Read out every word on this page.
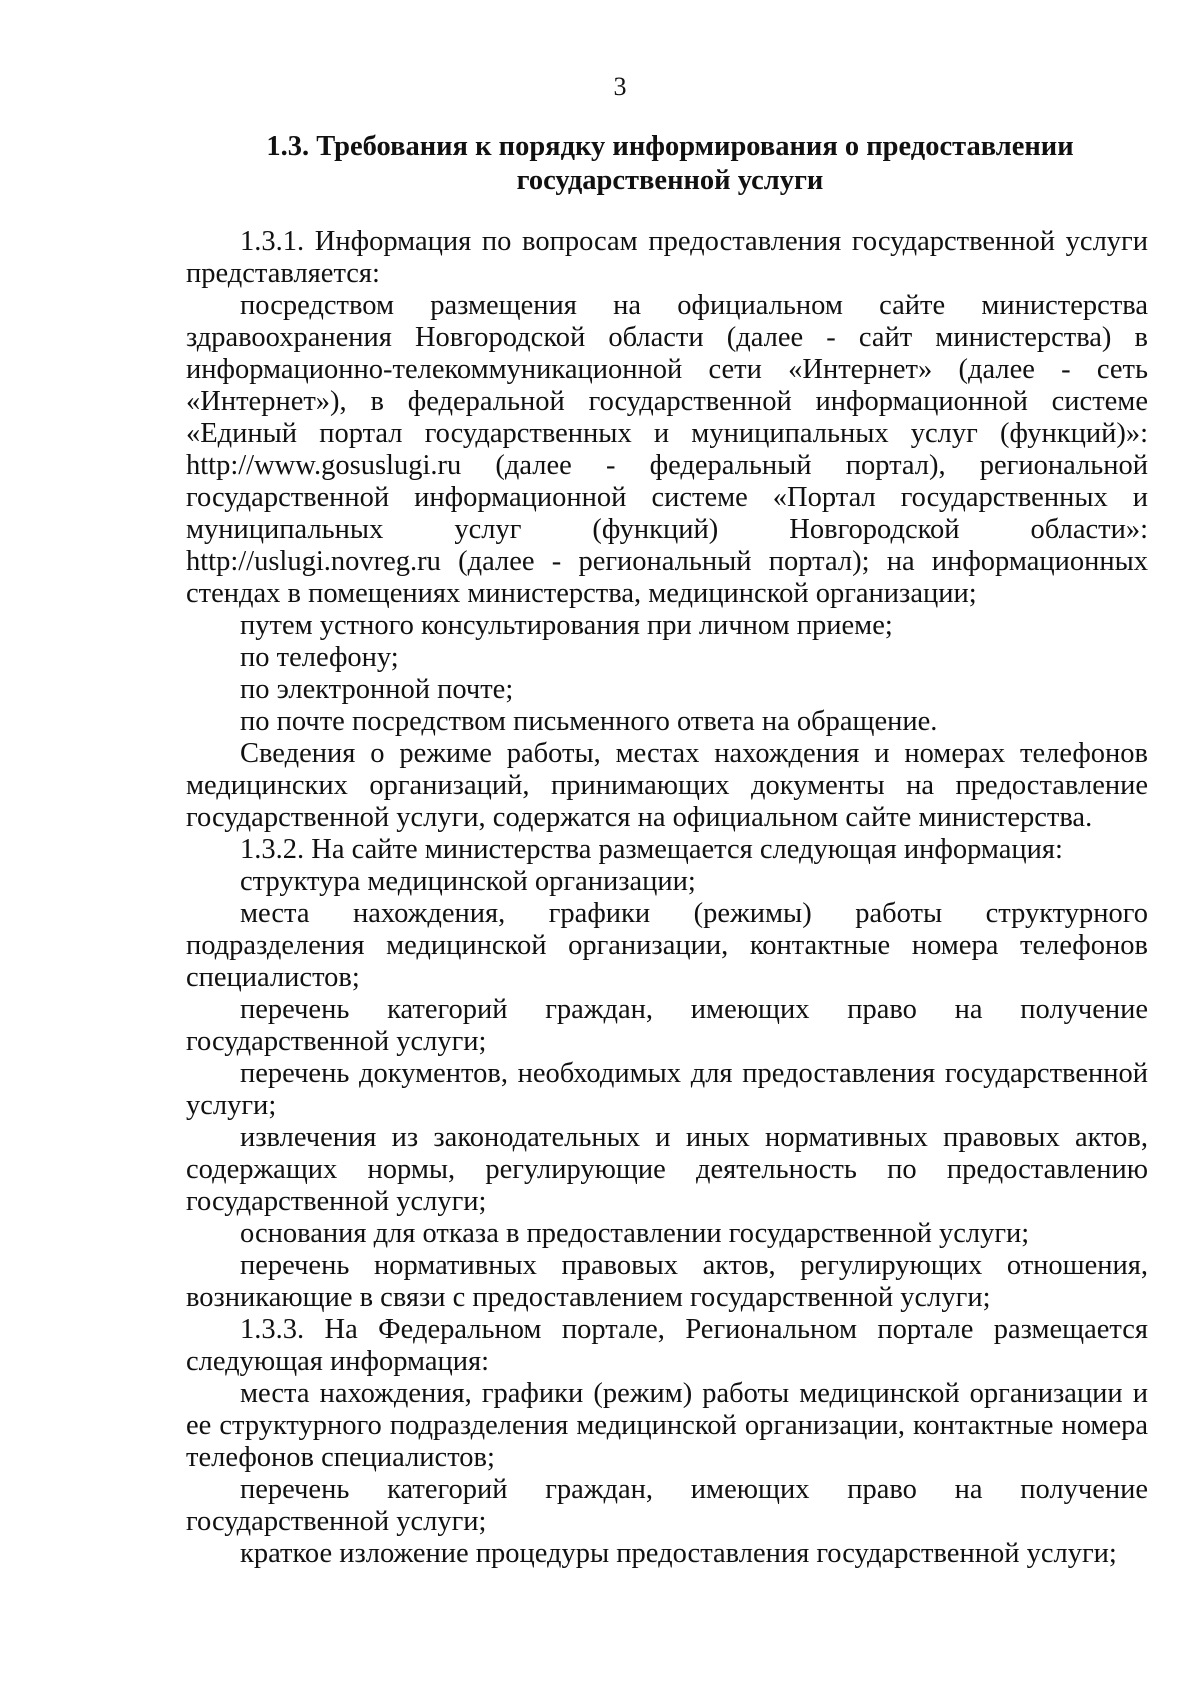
3
1.3. Требования к порядку информирования о предоставлении
государственной услуги

1.3.1. Информация по вопросам предоставления государственной услуги представляется:

посредством размещения на официальном сайте министерства здравоохранения Новгородской области (далее - сайт министерства) в информационно-телекоммуникационной сети «Интернет» (далее - сеть «Интернет»), в федеральной государственной информационной системе «Единый портал государственных и муниципальных услуг (функций)»: http://www.gosuslugi.ru (далее - федеральный портал), региональной государственной информационной системе «Портал государственных и муниципальных услуг (функций) Новгородской области»: http://uslugi.novreg.ru (далее - региональный портал); на информационных стендах в помещениях министерства, медицинской организации;

путем устного консультирования при личном приеме;

по телефону;

по электронной почте;

по почте посредством письменного ответа на обращение.

Сведения о режиме работы, местах нахождения и номерах телефонов медицинских организаций, принимающих документы на предоставление государственной услуги, содержатся на официальном сайте министерства.

1.3.2. На сайте министерства размещается следующая информация:

структура медицинской организации;

места нахождения, графики (режимы) работы структурного подразделения медицинской организации, контактные номера телефонов специалистов;

перечень категорий граждан, имеющих право на получение государственной услуги;

перечень документов, необходимых для предоставления государственной услуги;

извлечения из законодательных и иных нормативных правовых актов, содержащих нормы, регулирующие деятельность по предоставлению государственной услуги;

основания для отказа в предоставлении государственной услуги;

перечень нормативных правовых актов, регулирующих отношения, возникающие в связи с предоставлением государственной услуги;

1.3.3. На Федеральном портале, Региональном портале размещается следующая информация:

места нахождения, графики (режим) работы медицинской организации и ее структурного подразделения медицинской организации, контактные номера телефонов специалистов;

перечень категорий граждан, имеющих право на получение государственной услуги;

краткое изложение процедуры предоставления государственной услуги;
